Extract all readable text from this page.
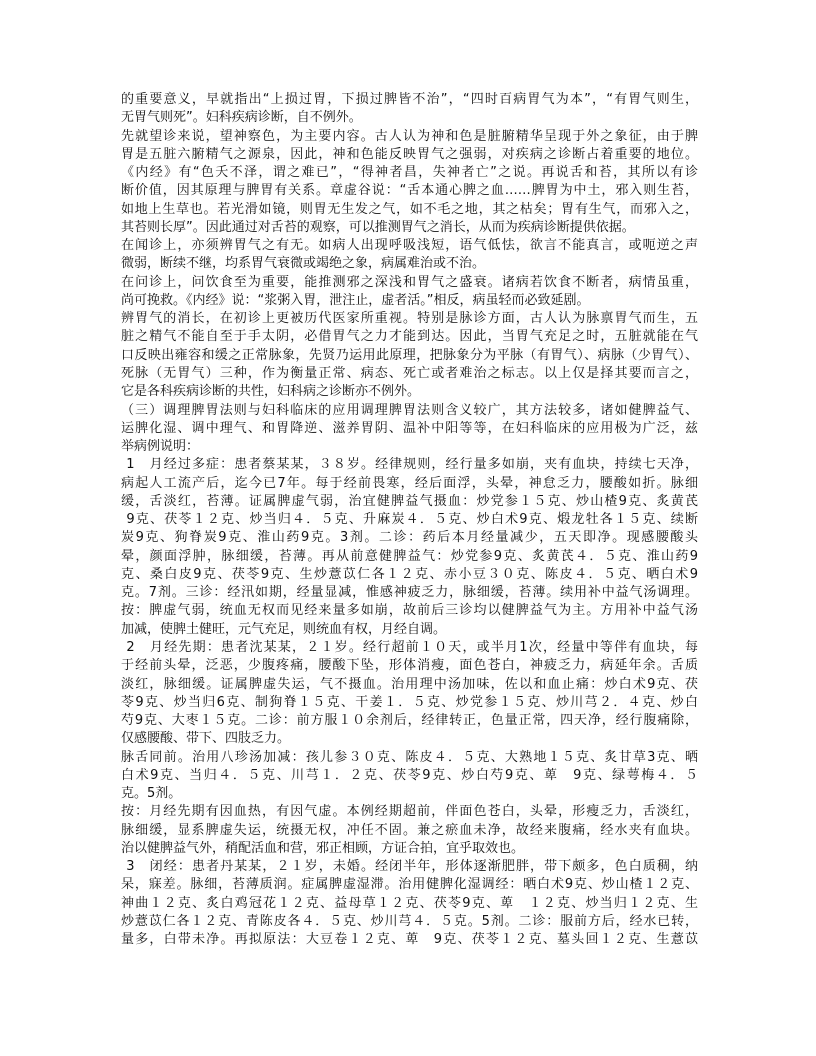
的重要意义，早就指出“上损过胃，下损过脾皆不治”，“四时百病胃气为本”，“有胃气则生，
无胃气则死”。妇科疾病诊断，自不例外。
先就望诊来说，望神察色，为主要内容。古人认为神和色是脏腑精华呈现于外之象征，由于脾
胃是五脏六腑精气之源泉，因此，神和色能反映胃气之强弱，对疾病之诊断占着重要的地位。
《内经》有“色夭不泽，谓之难已”，“得神者昌，失神者亡”之说。再说舌和苔，其所以有诊
断价值，因其原理与脾胃有关系。章虚谷说：“舌本通心脾之血……脾胃为中土，邪入则生苔，
如地上生草也。若光滑如镜，则胃无生发之气，如不毛之地，其之枯矣；胃有生气，而邪入之，
其苔则长厚”。因此通过对舌苔的观察，可以推测胃气之消长，从而为疾病诊断提供依据。
在闻诊上，亦须辨胃气之有无。如病人出现呼吸浅短，语气低怯，欲言不能真言，或呃逆之声
微弱，断续不继，均系胃气衰微或竭绝之象，病属难治或不治。
在问诊上，问饮食至为重要，能推测邪之深浅和胃气之盛衰。诸病若饮食不断者，病情虽重，
尚可挽救。《内经》说：“浆粥入胃，泄注止，虚者活。”相反，病虽轻而必致延剧。
辨胃气的消长，在初诊上更被历代医家所重视。特别是脉诊方面，古人认为脉禀胃气而生，五
脏之精气不能自至于手太阴，必借胃气之力才能到达。因此，当胃气充足之时，五脏就能在气
口反映出雍容和缓之正常脉象，先贤乃运用此原理，把脉象分为平脉（有胃气）、病脉（少胃气）、
死脉（无胃气）三种，作为衡量正常、病态、死亡或者难治之标志。以上仅是择其要而言之，
它是各科疾病诊断的共性，妇科病之诊断亦不例外。
（三）调理脾胃法则与妇科临床的应用调理脾胃法则含义较广，其方法较多，诸如健脾益气、
运脾化湿、调中理气、和胃降逆、滋养胃阴、温补中阳等等，在妇科临床的应用极为广泛，兹
举病例说明：
1　月经过多症：患者蔡某某，３８岁。经律规则，经行量多如崩，夹有血块，持续七天净，
病起人工流产后，迄今已7年。每于经前畏寒，经后面浮，头晕，神怠乏力，腰酸如折。脉细
缓，舌淡红，苔薄。证属脾虚气弱，治宜健脾益气摄血：炒党参１５克、炒山楂9克、炙黄芪
9克、茯苓１２克、炒当归４．５克、升麻炭４．５克、炒白术9克、煅龙牡各１５克、续断
炭9克、狗脊炭9克、淮山药9克。3剂。二诊：药后本月经量减少，五天即净。现感腰酸头
晕，颜面浮肿，脉细缓，苔薄。再从前意健脾益气：炒党参9克、炙黄芪４．５克、淮山药9
克、桑白皮9克、茯苓9克、生炒薏苡仁各１２克、赤小豆３０克、陈皮４．５克、晒白术9
克。7剂。三诊：经汛如期，经量显减，惟感神疲乏力，脉细缓，苔薄。续用补中益气汤调理。
按：脾虚气弱，统血无权而见经来量多如崩，故前后三诊均以健脾益气为主。方用补中益气汤
加减，使脾土健旺，元气充足，则统血有权，月经自调。
2　月经先期：患者沈某某，２１岁。经行超前１０天，或半月1次，经量中等伴有血块，每
于经前头晕，泛恶，少腹疼痛，腰酸下坠，形体消瘦，面色苍白，神疲乏力，病延年余。舌质
淡红，脉细缓。证属脾虚失运，气不摄血。治用理中汤加味，佐以和血止痛：炒白术9克、茯
苓9克、炒当归6克、制狗脊１５克、干姜１．５克、炒党参１５克、炒川芎２．４克、炒白
芍9克、大枣１５克。二诊：前方服１０余剂后，经律转正，色量正常，四天净，经行腹痛除，
仅感腰酸、带下、四肢乏力。
脉舌同前。治用八珍汤加减：孩儿参３０克、陈皮４．５克、大熟地１５克、炙甘草3克、晒
白术9克、当归４．５克、川芎１．２克、茯苓9克、炒白芍9克、萆　9克、绿萼梅４．５
克。5剂。
按：月经先期有因血热，有因气虚。本例经期超前，伴面色苍白，头晕，形瘦乏力，舌淡红，
脉细缓，显系脾虚失运，统摄无权，冲任不固。兼之瘀血未净，故经来腹痛，经水夹有血块。
治以健脾益气外，稍配活血和营，邪正相顾，方证合拍，宜乎取效也。
3　闭经：患者丹某某，２１岁，未婚。经闭半年，形体逐渐肥胖，带下颇多，色白质稠，纳
呆，寐差。脉细，苔薄质润。症属脾虚湿滞。治用健脾化湿调经：晒白术9克、炒山楂１２克、
神曲１２克、炙白鸡冠花１２克、益母草１２克、茯苓9克、萆　１２克、炒当归１２克、生
炒薏苡仁各１２克、青陈皮各４．５克、炒川芎４．５克。5剂。二诊：服前方后，经水已转，
量多，白带未净。再拟原法：大豆卷１２克、萆　9克、茯苓１２克、墓头回１２克、生薏苡
